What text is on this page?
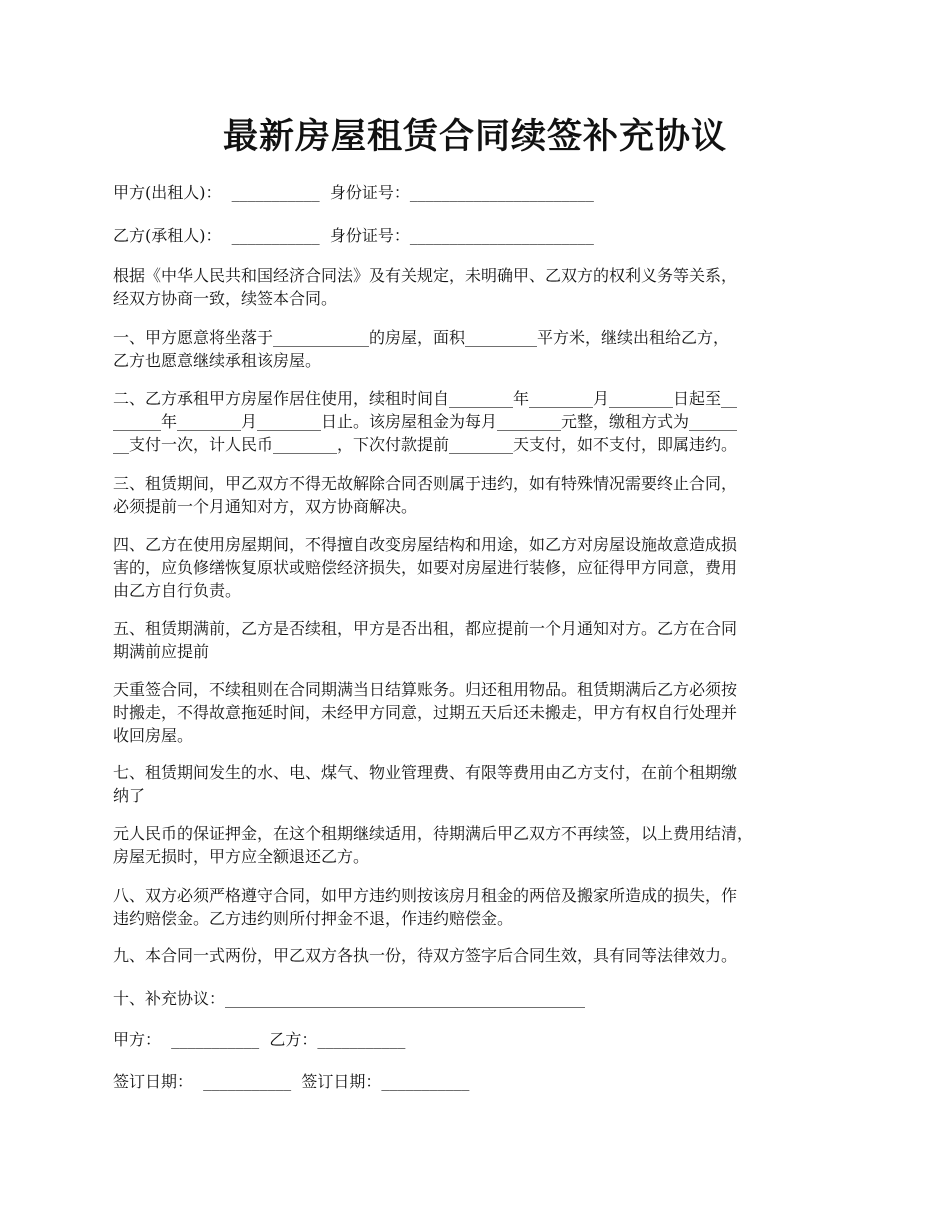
最新房屋租赁合同续签补充协议

甲方(出租人)：  ___________  身份证号：_______________________

乙方(承租人)：  ___________  身份证号：_______________________

根据《中华人民共和国经济合同法》及有关规定，未明确甲、乙双方的权利义务等关系，
经双方协商一致，续签本合同。
一、甲方愿意将坐落于____________的房屋，面积_________平方米，继续出租给乙方，
乙方也愿意继续承租该房屋。
二、乙方承租甲方房屋作居住使用，续租时间自________年________月________日起至__
______年________月________日止。该房屋租金为每月________元整，缴租方式为______
__支付一次，计人民币________，下次付款提前________天支付，如不支付，即属违约。
三、租赁期间，甲乙双方不得无故解除合同否则属于违约，如有特殊情况需要终止合同，
必须提前一个月通知对方，双方协商解决。
四、乙方在使用房屋期间，不得擅自改变房屋结构和用途，如乙方对房屋设施故意造成损
害的，应负修缮恢复原状或赔偿经济损失，如要对房屋进行装修，应征得甲方同意，费用
由乙方自行负责。
五、租赁期满前，乙方是否续租，甲方是否出租，都应提前一个月通知对方。乙方在合同
期满前应提前
天重签合同，不续租则在合同期满当日结算账务。归还租用物品。租赁期满后乙方必须按
时搬走，不得故意拖延时间，未经甲方同意，过期五天后还未搬走，甲方有权自行处理并
收回房屋。
七、租赁期间发生的水、电、煤气、物业管理费、有限等费用由乙方支付，在前个租期缴
纳了
元人民币的保证押金，在这个租期继续适用，待期满后甲乙双方不再续签，以上费用结清，
房屋无损时，甲方应全额退还乙方。
八、双方必须严格遵守合同，如甲方违约则按该房月租金的两倍及搬家所造成的损失，作
违约赔偿金。乙方违约则所付押金不退，作违约赔偿金。

九、本合同一式两份，甲乙双方各执一份，待双方签字后合同生效，具有同等法律效力。

十、补充协议：_____________________________________________

甲方：  ___________  乙方：___________

签订日期：  ___________  签订日期：___________
